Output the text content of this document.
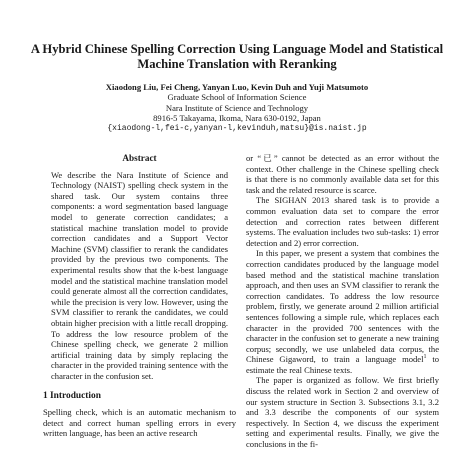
A Hybrid Chinese Spelling Correction Using Language Model and Statistical Machine Translation with Reranking
Xiaodong Liu, Fei Cheng, Yanyan Luo, Kevin Duh and Yuji Matsumoto
Graduate School of Information Science
Nara Institute of Science and Technology
8916-5 Takayama, Ikoma, Nara 630-0192, Japan
{xiaodong-l,fei-c,yanyan-l,kevinduh,matsu}@is.naist.jp
Abstract

We describe the Nara Institute of Science and Technology (NAIST) spelling check system in the shared task. Our system contains three components: a word segmentation based language model to generate correction candidates; a statistical machine translation model to provide correction candidates and a Support Vector Machine (SVM) classifier to rerank the candidates provided by the previous two components. The experimental results show that the k-best language model and the statistical machine translation model could generate almost all the correction candidates, while the precision is very low. However, using the SVM classifier to rerank the candidates, we could obtain higher precision with a little recall dropping. To address the low resource problem of the Chinese spelling check, we generate 2 million artificial training data by simply replacing the character in the provided training sentence with the character in the confusion set.

1 Introduction

Spelling check, which is an automatic mechanism to detect and correct human spelling errors in every written language, has been an active research

or “已” cannot be detected as an error without the context. Other challenge in the Chinese spelling check is that there is no commonly available data set for this task and the related resource is scarce.

The SIGHAN 2013 shared task is to provide a common evaluation data set to compare the error detection and correction rates between different systems. The evaluation includes two sub-tasks: 1) error detection and 2) error correction.

In this paper, we present a system that combines the correction candidates produced by the language model based method and the statistical machine translation approach, and then uses an SVM classifier to rerank the correction candidates. To address the low resource problem, firstly, we generate around 2 million artificial sentences following a simple rule, which replaces each character in the provided 700 sentences with the character in the confusion set to generate a new training corpus; secondly, we use unlabeled data corpus, the Chinese Gigaword, to train a language model$^1$ to estimate the real Chinese texts.

The paper is organized as follow. We first briefly discuss the related work in Section 2 and overview of our system structure in Section 3. Subsections 3.1, 3.2 and 3.3 describe the components of our system respectively. In Section 4, we discuss the experiment setting and experimental results. Finally, we give the conclusions in the fi-
